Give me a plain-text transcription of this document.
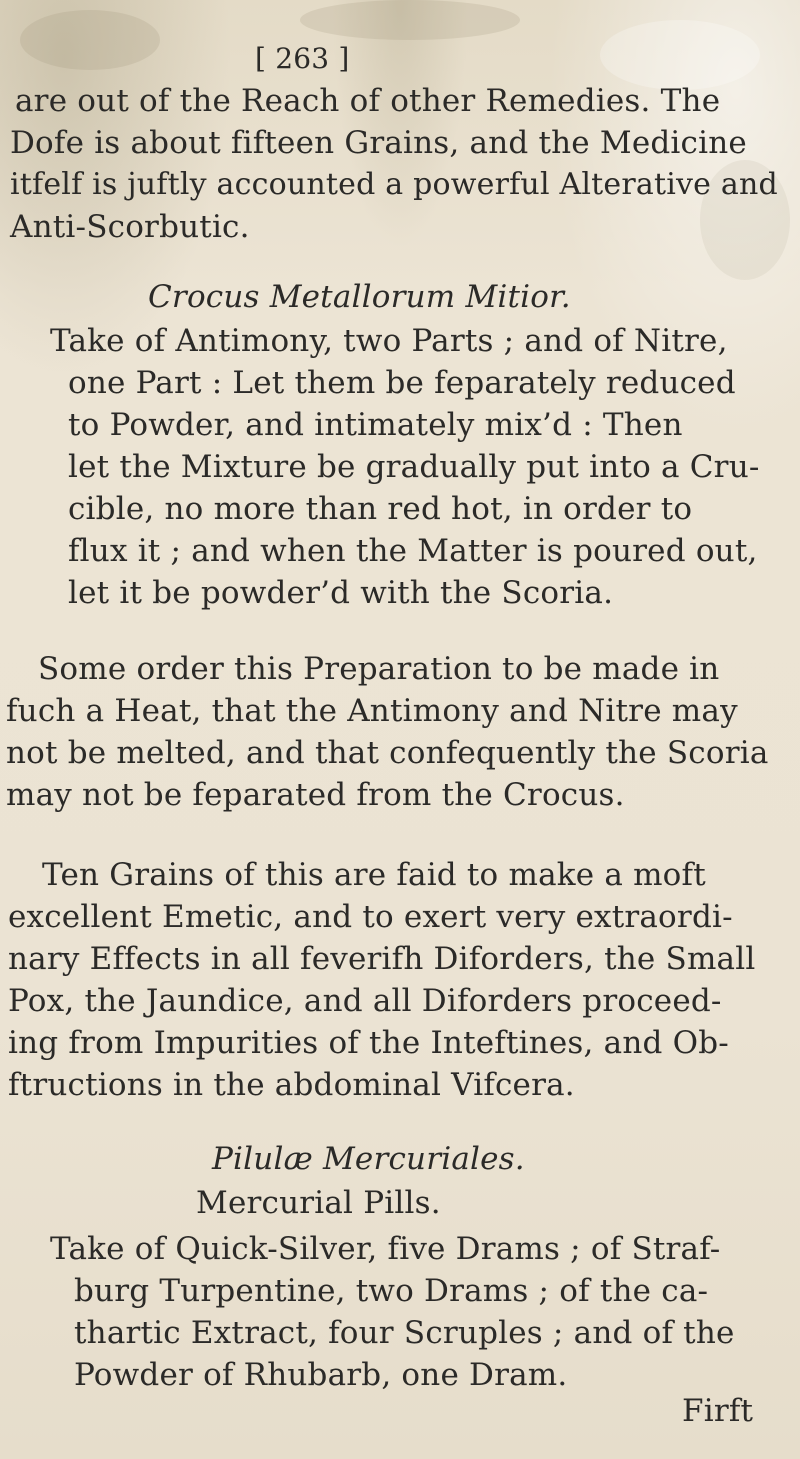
[ 263 ]
are out of the Reach of other Remedies. The
Dofe is about fifteen Grains, and the Medicine
itfelf is juftly accounted a powerful Alterative and
Anti-Scorbutic.
Crocus Metallorum Mitior.
Take of Antimony, two Parts ; and of Nitre,
one Part : Let them be feparately reduced
to Powder, and intimately mix’d : Then
let the Mixture be gradually put into a Cru-
cible, no more than red hot, in order to
flux it ; and when the Matter is poured out,
let it be powder’d with the Scoria.
Some order this Preparation to be made in
fuch a Heat, that the Antimony and Nitre may
not be melted, and that confequently the Scoria
may not be feparated from the Crocus.
Ten Grains of this are faid to make a moft
excellent Emetic, and to exert very extraordi-
nary Effects in all feverifh Diforders, the Small
Pox, the Jaundice, and all Diforders proceed-
ing from Impurities of the Inteftines, and Ob-
ftructions in the abdominal Vifcera.
Pilulæ Mercuriales.
Mercurial Pills.
Take of Quick-Silver, five Drams ; of Straf-
burg Turpentine, two Drams ; of the ca-
thartic Extract, four Scruples ; and of the
Powder of Rhubarb, one Dram.
Firft
